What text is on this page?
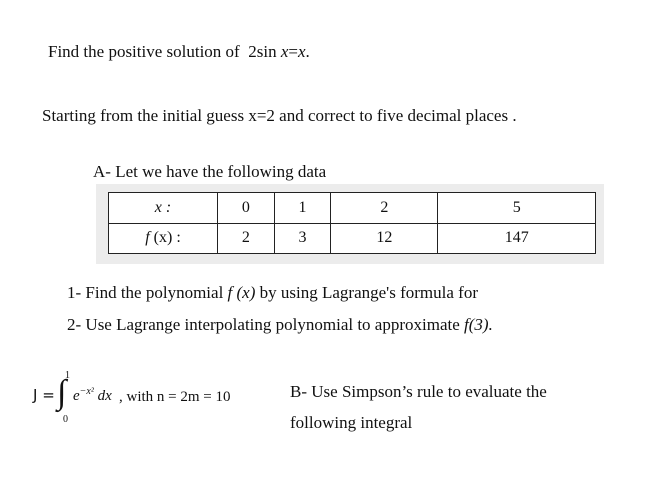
Find the positive solution of 2sin x=x.
Starting from the initial guess x=2 and correct to five decimal places .
A- Let we have the following data
x :	0	1	2	5
f (x) :	2	3	12	147
1- Find the polynomial f (x) by using Lagrange's formula for
2- Use Lagrange interpolating polynomial to approximate f(3).
J = ∫
1
0
$e^{-x^2}$ dx , with n = 2m = 10	B- Use Simpson’s rule to evaluate the
following integral
